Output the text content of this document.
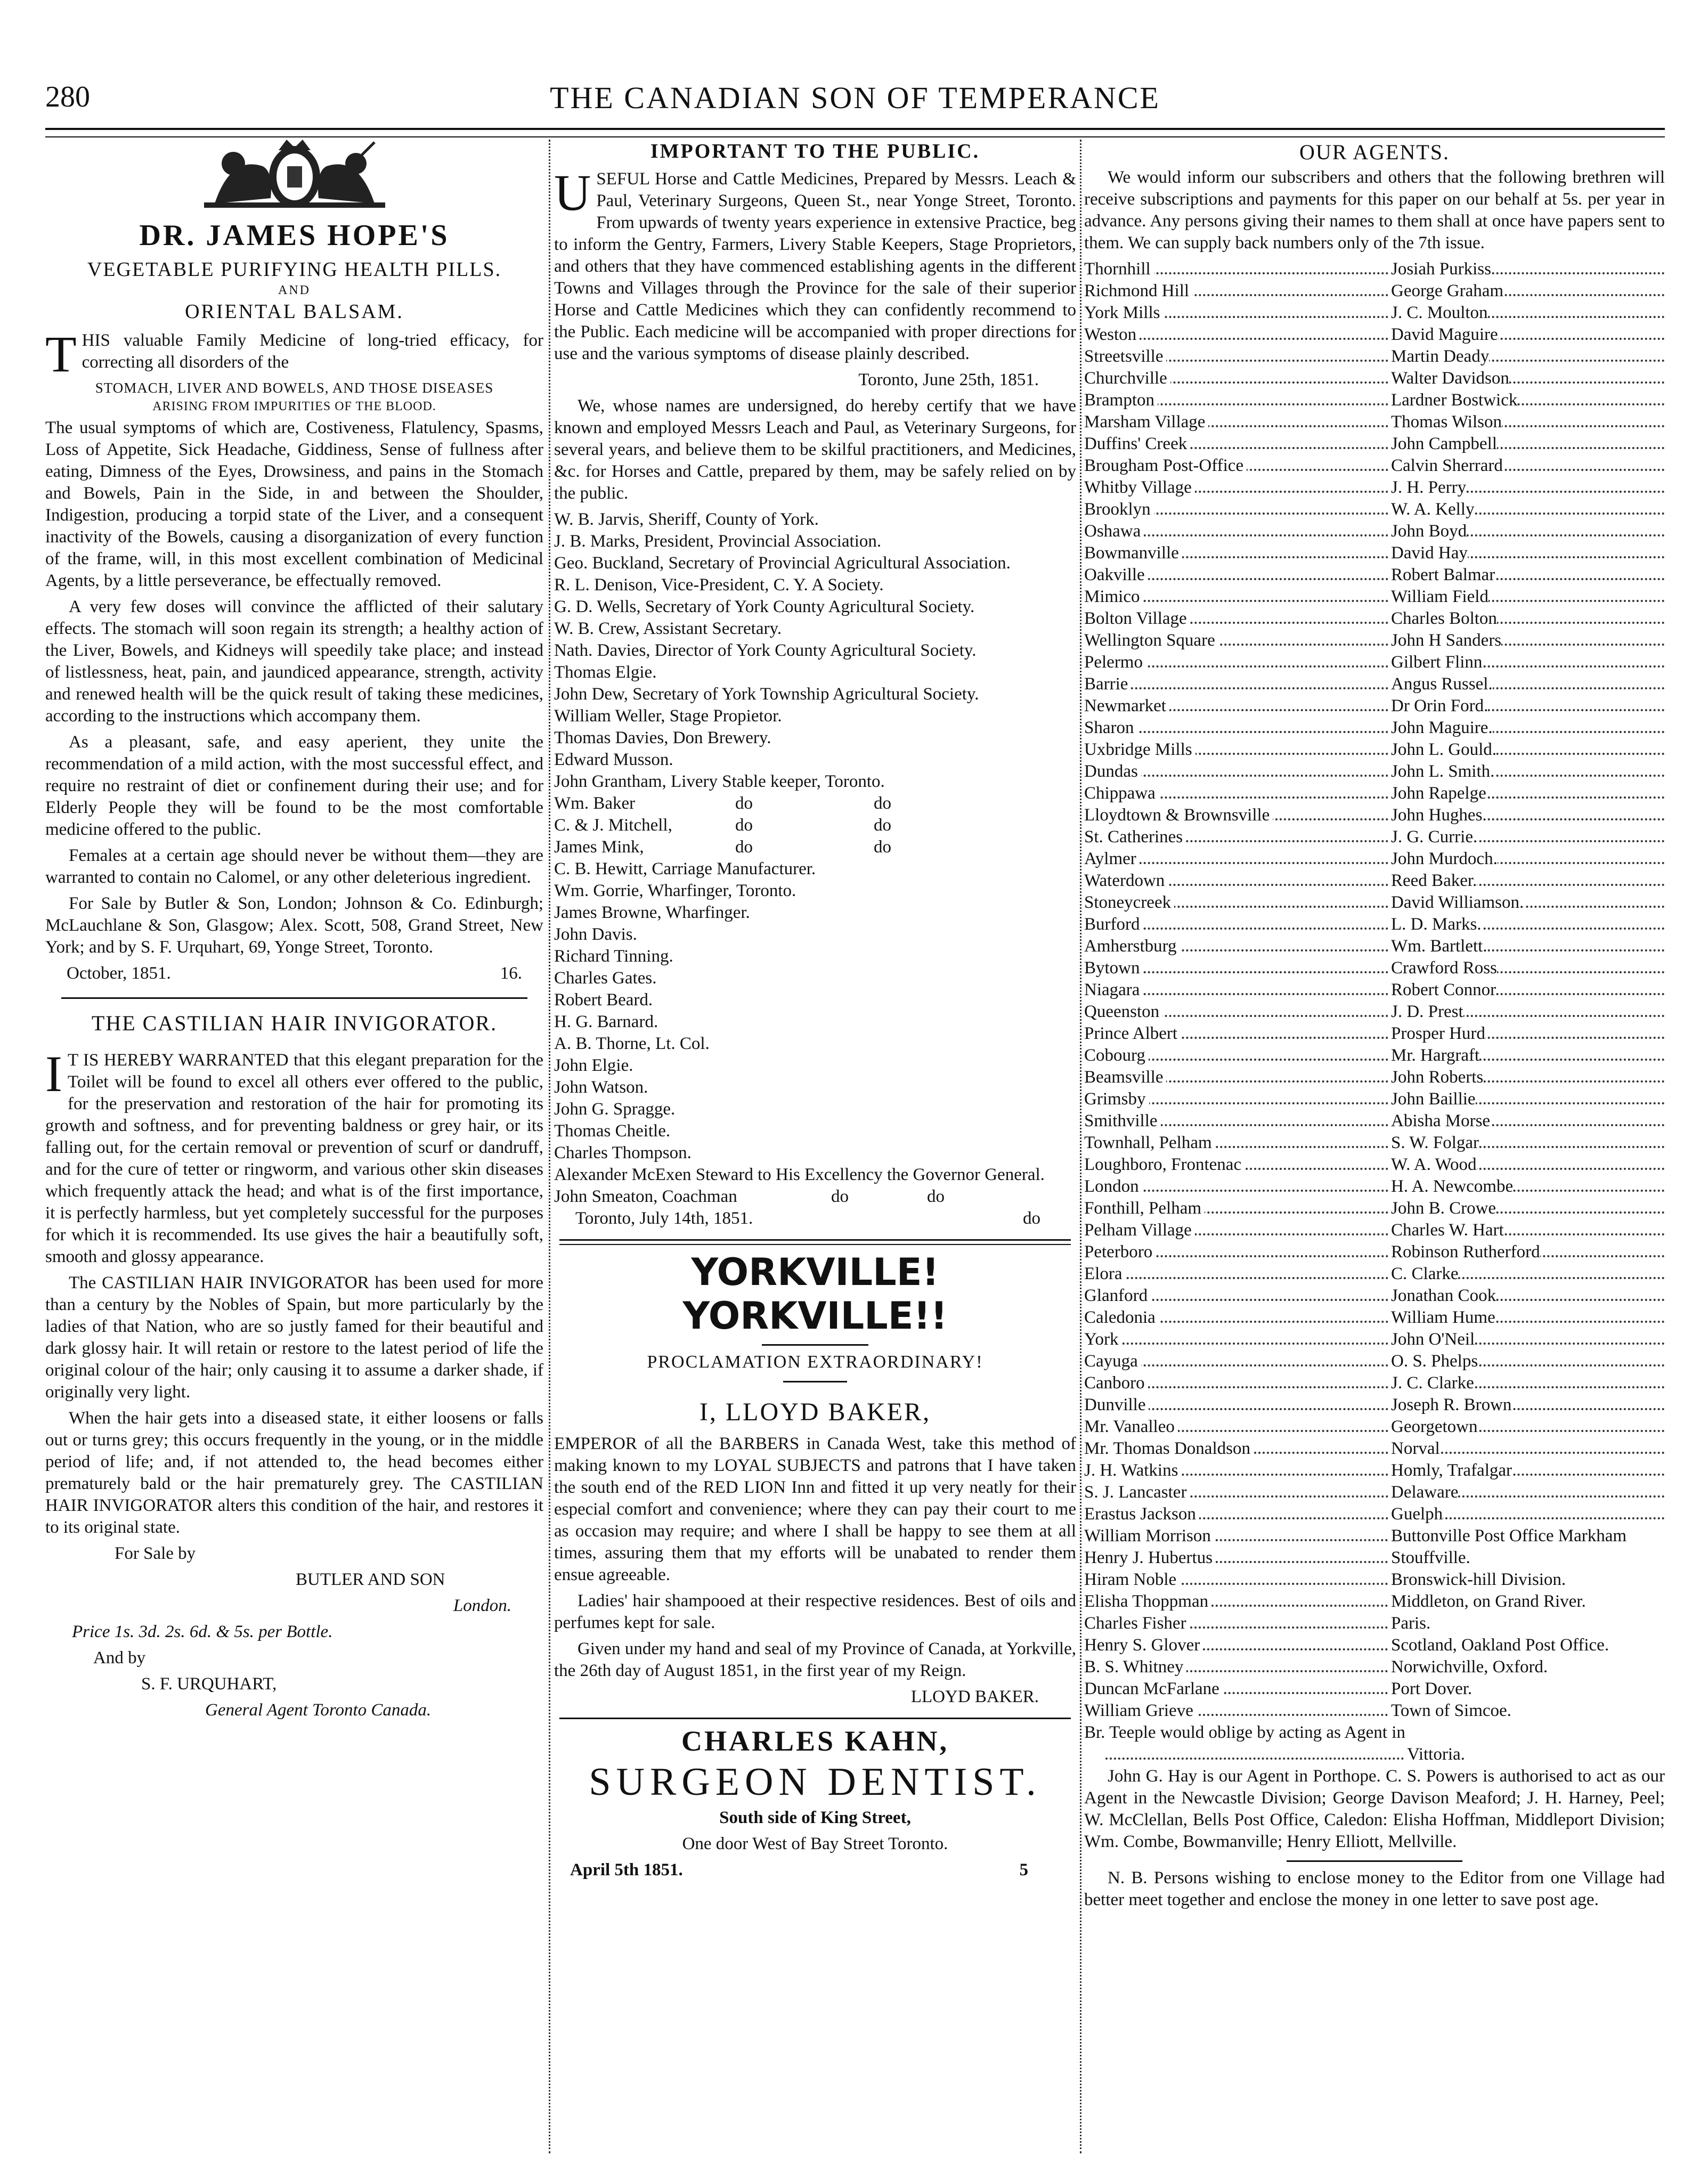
280	THE CANADIAN SON OF TEMPERANCE
DR. JAMES HOPE'S
VEGETABLE PURIFYING HEALTH PILLS.
AND
ORIENTAL BALSAM.

THIS valuable Family Medicine of long-tried efficacy, for correcting all disorders of the

STOMACH, LIVER AND BOWELS, AND THOSE DISEASES
ARISING FROM IMPURITIES OF THE BLOOD.

The usual symptoms of which are, Costiveness, Flatulency, Spasms, Loss of Appetite, Sick Headache, Giddiness, Sense of fullness after eating, Dimness of the Eyes, Drowsiness, and pains in the Stomach and Bowels, Pain in the Side, in and between the Shoulder, Indigestion, producing a torpid state of the Liver, and a consequent inactivity of the Bowels, causing a disorganization of every function of the frame, will, in this most excellent combination of Medicinal Agents, by a little perseverance, be effectually removed.

A very few doses will convince the afflicted of their salutary effects. The stomach will soon regain its strength; a healthy action of the Liver, Bowels, and Kidneys will speedily take place; and instead of listlessness, heat, pain, and jaundiced appearance, strength, activity and renewed health will be the quick result of taking these medicines, according to the instructions which accompany them.

As a pleasant, safe, and easy aperient, they unite the recommendation of a mild action, with the most successful effect, and require no restraint of diet or confinement during their use; and for Elderly People they will be found to be the most comfortable medicine offered to the public.

Females at a certain age should never be without them—they are warranted to contain no Calomel, or any other deleterious ingredient.

For Sale by Butler & Son, London; Johnson & Co. Edinburgh; McLauchlane & Son, Glasgow; Alex. Scott, 508, Grand Street, New York; and by S. F. Urquhart, 69, Yonge Street, Toronto.

October, 1851.	16.
THE CASTILIAN HAIR INVIGORATOR.

I T IS HEREBY WARRANTED that this elegant preparation for the Toilet will be found to excel all others ever offered to the public, for the preservation and restoration of the hair for promoting its growth and softness, and for preventing baldness or grey hair, or its falling out, for the certain removal or prevention of scurf or dandruff, and for the cure of tetter or ringworm, and various other skin diseases which frequently attack the head; and what is of the first importance, it is perfectly harmless, but yet completely successful for the purposes for which it is recommended. Its use gives the hair a beautifully soft, smooth and glossy appearance.

The CASTILIAN HAIR INVIGORATOR has been used for more than a century by the Nobles of Spain, but more particularly by the ladies of that Nation, who are so justly famed for their beautiful and dark glossy hair. It will retain or restore to the latest period of life the original colour of the hair; only causing it to assume a darker shade, if originally very light.

When the hair gets into a diseased state, it either loosens or falls out or turns grey; this occurs frequently in the young, or in the middle period of life; and, if not attended to, the head becomes either prematurely bald or the hair prematurely grey. The CASTILIAN HAIR INVIGORATOR alters this condition of the hair, and restores it to its original state.

For Sale by

BUTLER AND SON

London.

Price 1s. 3d. 2s. 6d. & 5s. per Bottle.

And by

S. F. URQUHART,

General Agent Toronto Canada.

IMPORTANT TO THE PUBLIC.

USEFUL Horse and Cattle Medicines, Prepared by Messrs. Leach & Paul, Veterinary Surgeons, Queen St., near Yonge Street, Toronto. From upwards of twenty years experience in extensive Practice, beg to inform the Gentry, Farmers, Livery Stable Keepers, Stage Proprietors, and others that they have commenced establishing agents in the different Towns and Villages through the Province for the sale of their superior Horse and Cattle Medicines which they can confidently recommend to the Public. Each medicine will be accompanied with proper directions for use and the various symptoms of disease plainly described.

Toronto, June 25th, 1851.

We, whose names are undersigned, do hereby certify that we have known and employed Messrs Leach and Paul, as Veterinary Surgeons, for several years, and believe them to be skilful practitioners, and Medicines, &c. for Horses and Cattle, prepared by them, may be safely relied on by the public.

W. B. Jarvis, Sheriff, County of York.
J. B. Marks, President, Provincial Association.
Geo. Buckland, Secretary of Provincial Agricultural Association.
R. L. Denison, Vice-President, C. Y. A Society.
G. D. Wells, Secretary of York County Agricultural Society.
W. B. Crew, Assistant Secretary.
Nath. Davies, Director of York County Agricultural Society.
Thomas Elgie.
John Dew, Secretary of York Township Agricultural Society.
William Weller, Stage Propietor.
Thomas Davies, Don Brewery.
Edward Musson.
John Grantham, Livery Stable keeper, Toronto.
Wm. Baker	do	do
C. & J. Mitchell,	do	do
James Mink,	do	do
C. B. Hewitt, Carriage Manufacturer.
Wm. Gorrie, Wharfinger, Toronto.
James Browne, Wharfinger.
John Davis.
Richard Tinning.
Charles Gates.
Robert Beard.
H. G. Barnard.
A. B. Thorne, Lt. Col.
John Elgie.
John Watson.
John G. Spragge.
Thomas Cheitle.
Charles Thompson.
Alexander McExen Steward to His Excellency the Governor General.
John Smeaton, Coachman	do	do
Toronto, July 14th, 1851.	do
YORKVILLE! YORKVILLE!!
PROCLAMATION EXTRAORDINARY!
I, LLOYD BAKER,

EMPEROR of all the BARBERS in Canada West, take this method of making known to my LOYAL SUBJECTS and patrons that I have taken the south end of the RED LION Inn and fitted it up very neatly for their especial comfort and convenience; where they can pay their court to me as occasion may require; and where I shall be happy to see them at all times, assuring them that my efforts will be unabated to render them ensue agreeable.

Ladies' hair shampooed at their respective residences. Best of oils and perfumes kept for sale.

Given under my hand and seal of my Province of Canada, at Yorkville, the 26th day of August 1851, in the first year of my Reign.

LLOYD BAKER.

CHARLES KAHN,
SURGEON DENTIST.

South side of King Street,

One door West of Bay Street Toronto.

April 5th 1851.	5
OUR AGENTS.

We would inform our subscribers and others that the following brethren will receive subscriptions and payments for this paper on our behalf at 5s. per year in advance. Any persons giving their names to them shall at once have papers sent to them. We can supply back numbers only of the 7th issue.

Thornhill	Josiah Purkiss
Richmond Hill	George Graham
York Mills	J. C. Moulton
Weston	David Maguire
Streetsville	Martin Deady
Churchville	Walter Davidson
Brampton	Lardner Bostwick
Marsham Village	Thomas Wilson
Duffins' Creek	John Campbell
Brougham Post-Office	Calvin Sherrard
Whitby Village	J. H. Perry
Brooklyn	W. A. Kelly
Oshawa	John Boyd
Bowmanville	David Hay
Oakville	Robert Balmar
Mimico	William Field
Bolton Village	Charles Bolton
Wellington Square	John H Sanders
Pelermo	Gilbert Flinn
Barrie	Angus Russel.
Newmarket	Dr Orin Ford.
Sharon	John Maguire.
Uxbridge Mills	John L. Gould.
Dundas	John L. Smith.
Chippawa	John Rapelge
Lloydtown & Brownsville	John Hughes.
St. Catherines	J. G. Currie.
Aylmer	John Murdoch.
Waterdown	Reed Baker.
Stoneycreek	David Williamson.
Burford	L. D. Marks.
Amherstburg	Wm. Bartlett.
Bytown	Crawford Ross
Niagara	Robert Connor
Queenston	J. D. Prest
Prince Albert	Prosper Hurd
Cobourg	Mr. Hargraft
Beamsville	John Roberts
Grimsby	John Baillie
Smithville	Abisha Morse
Townhall, Pelham	S. W. Folgar
Loughboro, Frontenac	W. A. Wood
London	H. A. Newcombe
Fonthill, Pelham	John B. Crowe
Pelham Village	Charles W. Hart
Peterboro	Robinson Rutherford
Elora	C. Clarke
Glanford	Jonathan Cook
Caledonia	William Hume
York	John O'Neil
Cayuga	O. S. Phelps
Canboro	J. C. Clarke
Dunville	Joseph R. Brown
Mr. Vanalleo	Georgetown
Mr. Thomas Donaldson	Norval
J. H. Watkins	Homly, Trafalgar
S. J. Lancaster	Delaware
Erastus Jackson	Guelph
William Morrison	Buttonville Post Office Markham
Henry J. Hubertus	Stouffville.
Hiram Noble	Bronswick-hill Division.
Elisha Thoppman	Middleton, on Grand River.
Charles Fisher	Paris.
Henry S. Glover	Scotland, Oakland Post Office.
B. S. Whitney	Norwichville, Oxford.
Duncan McFarlane	Port Dover.
William Grieve	Town of Simcoe.

Br. Teeple would oblige by acting as Agent in

Vittoria.

John G. Hay is our Agent in Porthope. C. S. Powers is authorised to act as our Agent in the Newcastle Division; George Davison Meaford; J. H. Harney, Peel; W. McClellan, Bells Post Office, Caledon: Elisha Hoffman, Middleport Division; Wm. Combe, Bowmanville; Henry Elliott, Mellville.

N. B. Persons wishing to enclose money to the Editor from one Village had better meet together and enclose the money in one letter to save post age.
